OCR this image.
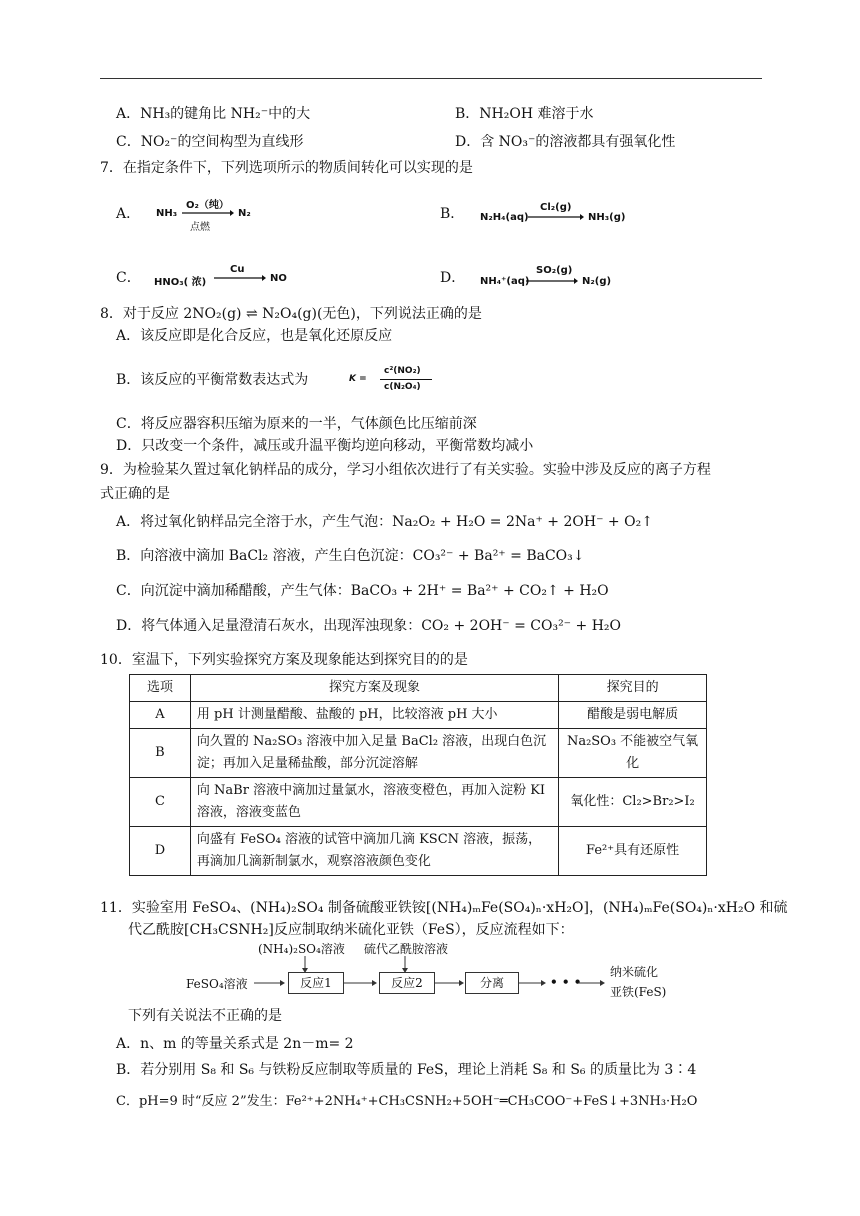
A．NH₃的键角比 NH₂⁻中的大	B．NH₂OH 难溶于水
C．NO₂⁻的空间构型为直线形	D．含 NO₃⁻的溶液都具有强氧化性
7．在指定条件下，下列选项所示的物质间转化可以实现的是
A． NH₃
O₂（纯）
点燃
N₂	B． N₂H₄(aq)
Cl₂(g)
NH₃(g)
C． HNO₃( 浓)
Cu
NO	D． NH₄⁺(aq)
SO₂(g)
N₂(g)
8．对于反应 2NO₂(g) ⇌ N₂O₄(g)(无色)，下列说法正确的是
A．该反应即是化合反应，也是氧化还原反应
B．该反应的平衡常数表达式为	K =
c²(NO₂)
c(N₂O₄)
C．将反应器容积压缩为原来的一半，气体颜色比压缩前深
D．只改变一个条件，减压或升温平衡均逆向移动，平衡常数均减小
9．为检验某久置过氧化钠样品的成分，学习小组依次进行了有关实验。实验中涉及反应的离子方程
式正确的是
A．将过氧化钠样品完全溶于水，产生气泡：Na₂O₂ + H₂O = 2Na⁺ + 2OH⁻ + O₂↑
B．向溶液中滴加 BaCl₂ 溶液，产生白色沉淀：CO₃²⁻ + Ba²⁺ = BaCO₃↓
C．向沉淀中滴加稀醋酸，产生气体：BaCO₃ + 2H⁺ = Ba²⁺ + CO₂↑ + H₂O
D．将气体通入足量澄清石灰水，出现浑浊现象：CO₂ + 2OH⁻ = CO₃²⁻ + H₂O
10．室温下，下列实验探究方案及现象能达到探究目的的是
选项	探究方案及现象	探究目的
A	用 pH 计测量醋酸、盐酸的 pH，比较溶液 pH 大小	醋酸是弱电解质
B	向久置的 Na₂SO₃ 溶液中加入足量 BaCl₂ 溶液，出现白色沉淀；再加入足量稀盐酸，部分沉淀溶解	Na₂SO₃ 不能被空气氧化
C	向 NaBr 溶液中滴加过量氯水，溶液变橙色，再加入淀粉 KI 溶液，溶液变蓝色	氧化性：Cl₂>Br₂>I₂
D	向盛有 FeSO₄ 溶液的试管中滴加几滴 KSCN 溶液，振荡，再滴加几滴新制氯水，观察溶液颜色变化	Fe²⁺具有还原性
11．实验室用 FeSO₄、(NH₄)₂SO₄ 制备硫酸亚铁铵[(NH₄)ₘFe(SO₄)ₙ·xH₂O]，(NH₄)ₘFe(SO₄)ₙ·xH₂O 和硫
代乙酰胺[CH₃CSNH₂]反应制取纳米硫化亚铁（FeS），反应流程如下：
(NH₄)₂SO₄溶液 硫代乙酰胺溶液
FeSO₄溶液	反应1	反应2	分离	• • •
纳米硫化
亚铁(FeS)
下列有关说法不正确的是
A．n、m 的等量关系式是 2n－m= 2
B．若分别用 S₈ 和 S₆ 与铁粉反应制取等质量的 FeS，理论上消耗 S₈ 和 S₆ 的质量比为 3∶4
C．pH=9 时“反应 2”发生：Fe²⁺+2NH₄⁺+CH₃CSNH₂+5OH⁻═CH₃COO⁻+FeS↓+3NH₃·H₂O
